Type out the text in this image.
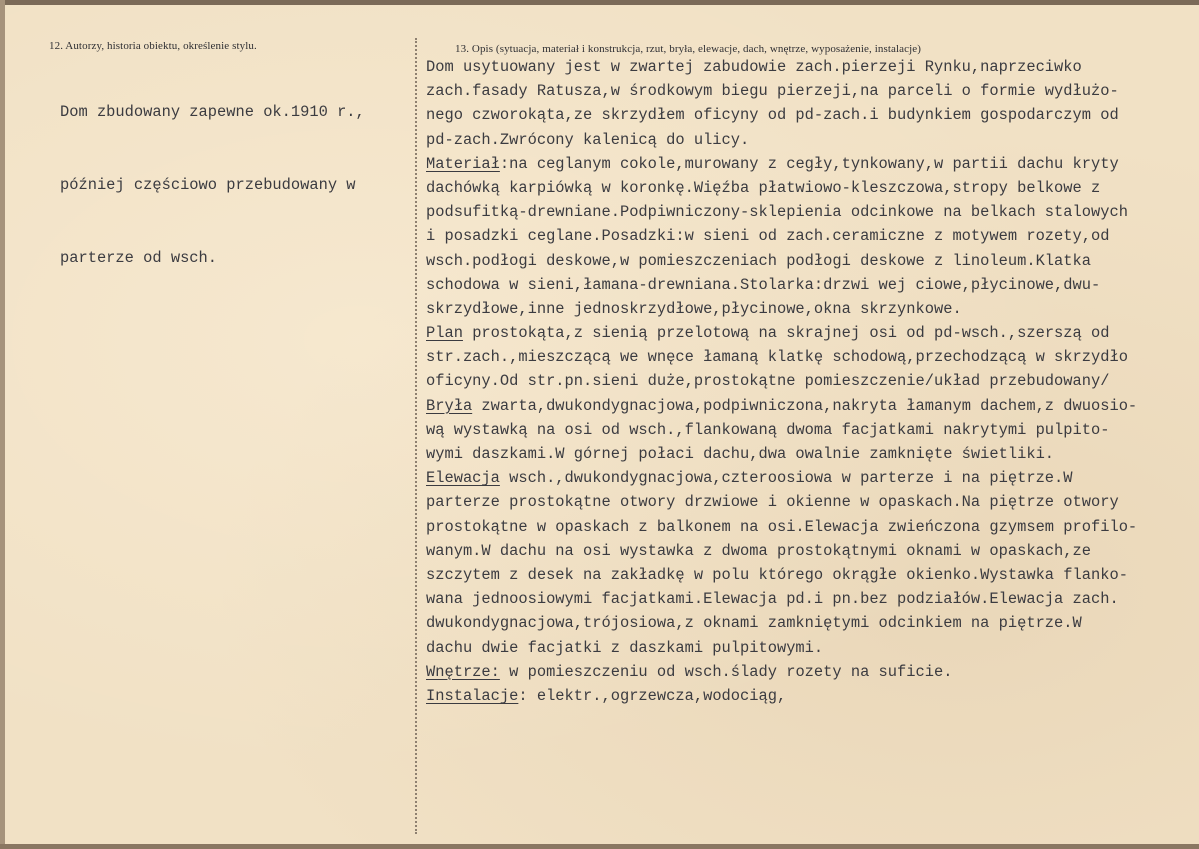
12. Autorzy, historia obiektu, określenie stylu.

Dom zbudowany zapewne ok.1910 r.,

później częściowo przebudowany w

parterze od wsch.

13. Opis (sytuacja, materiał i konstrukcja, rzut, bryła, elewacje, dach, wnętrze, wyposażenie, instalacje)
Dom usytuowany jest w zwartej zabudowie zach.pierzeji Rynku,naprzeciwko
zach.fasady Ratusza,w środkowym biegu pierzeji,na parceli o formie wydłużo-
nego czworokąta,ze skrzydłem oficyny od pd-zach.i budynkiem gospodarczym od
pd-zach.Zwrócony kalenicą do ulicy.
Materiał:na ceglanym cokole,murowany z cegły,tynkowany,w partii dachu kryty
dachówką karpiówką w koronkę.Więźba płatwiowo-kleszczowa,stropy belkowe z
podsufitką-drewniane.Podpiwniczony-sklepienia odcinkowe na belkach stalowych
i posadzki ceglane.Posadzki:w sieni od zach.ceramiczne z motywem rozety,od
wsch.podłogi deskowe,w pomieszczeniach podłogi deskowe z linoleum.Klatka
schodowa w sieni,łamana-drewniana.Stolarka:drzwi wej ciowe,płycinowe,dwu-
skrzydłowe,inne jednoskrzydłowe,płycinowe,okna skrzynkowe.
Plan prostokąta,z sienią przelotową na skrajnej osi od pd-wsch.,szerszą od
str.zach.,mieszczącą we wnęce łamaną klatkę schodową,przechodzącą w skrzydło
oficyny.Od str.pn.sieni duże,prostokątne pomieszczenie/układ przebudowany/
Bryła zwarta,dwukondygnacjowa,podpiwniczona,nakryta łamanym dachem,z dwuosio-
wą wystawką na osi od wsch.,flankowaną dwoma facjatkami nakrytymi pulpito-
wymi daszkami.W górnej połaci dachu,dwa owalnie zamknięte świetliki.
Elewacja wsch.,dwukondygnacjowa,czteroosiowa w parterze i na piętrze.W
parterze prostokątne otwory drzwiowe i okienne w opaskach.Na piętrze otwory
prostokątne w opaskach z balkonem na osi.Elewacja zwieńczona gzymsem profilo-
wanym.W dachu na osi wystawka z dwoma prostokątnymi oknami w opaskach,ze
szczytem z desek na zakładkę w polu którego okrągłe okienko.Wystawka flanko-
wana jednoosiowymi facjatkami.Elewacja pd.i pn.bez podziałów.Elewacja zach.
dwukondygnacjowa,trójosiowa,z oknami zamkniętymi odcinkiem na piętrze.W
dachu dwie facjatki z daszkami pulpitowymi.
Wnętrze: w pomieszczeniu od wsch.ślady rozety na suficie.
Instalacje: elektr.,ogrzewcza,wodociąg,
